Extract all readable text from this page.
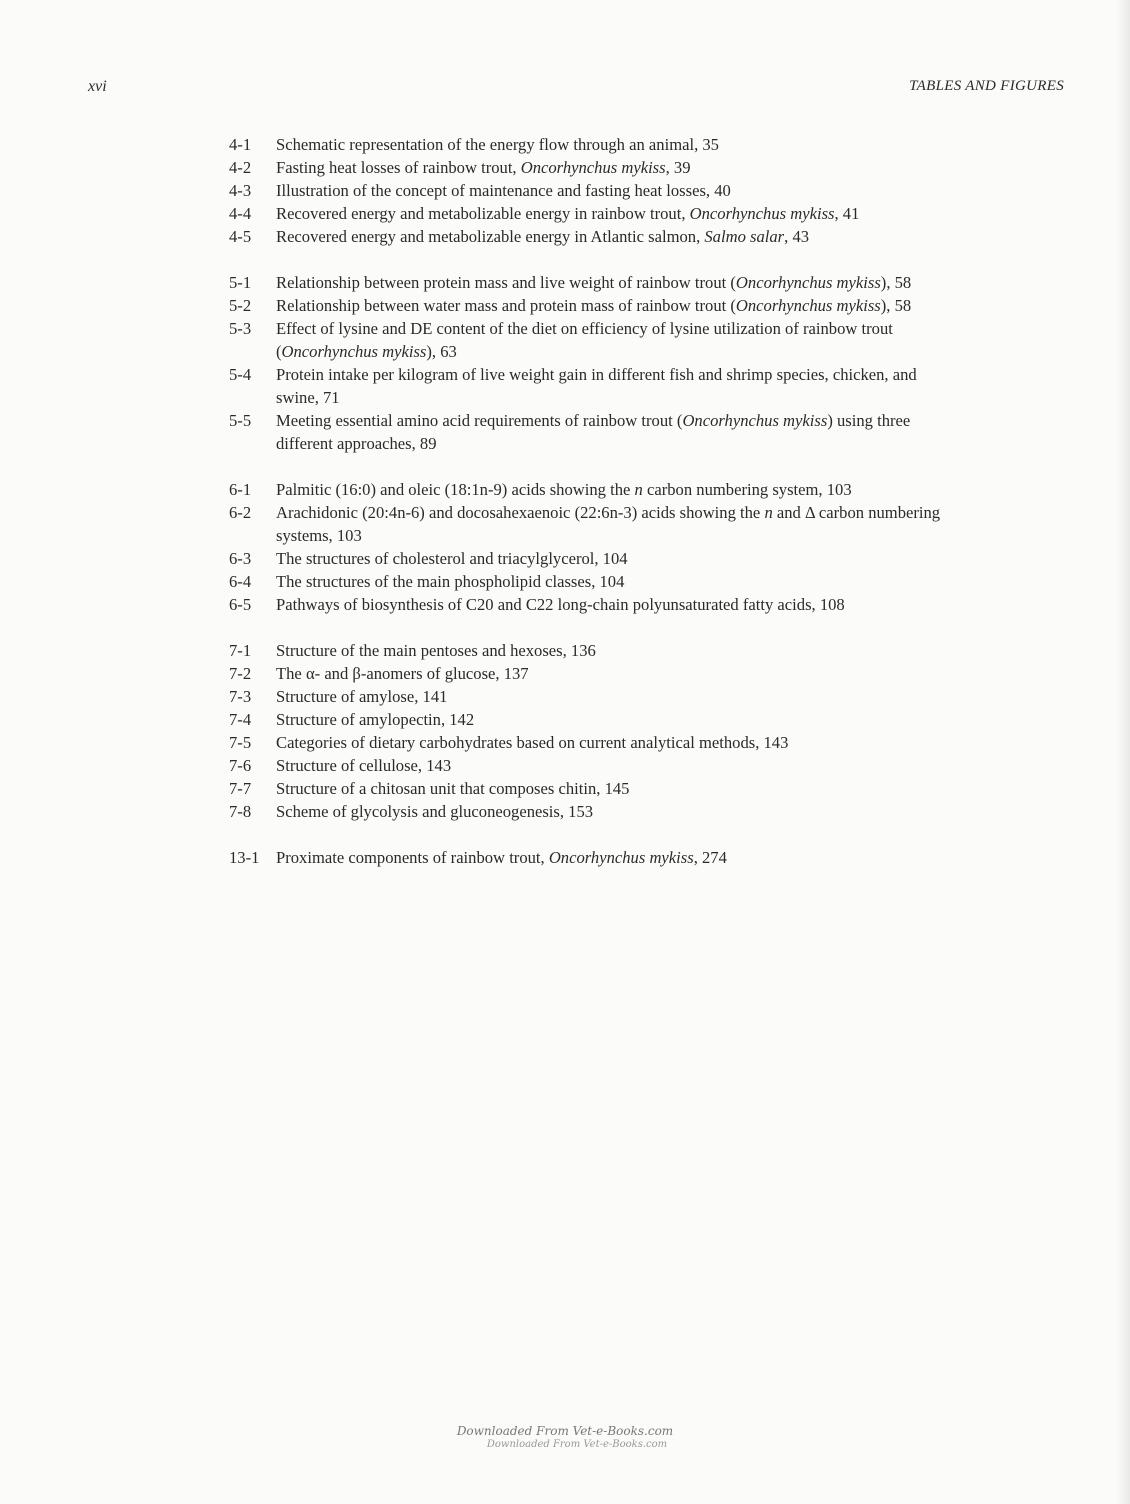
xvi	TABLES AND FIGURES

4-1	Schematic representation of the energy flow through an animal, 35
4-2	Fasting heat losses of rainbow trout, Oncorhynchus mykiss, 39
4-3	Illustration of the concept of maintenance and fasting heat losses, 40
4-4	Recovered energy and metabolizable energy in rainbow trout, Oncorhynchus mykiss, 41
4-5	Recovered energy and metabolizable energy in Atlantic salmon, Salmo salar, 43
5-1	Relationship between protein mass and live weight of rainbow trout (Oncorhynchus mykiss), 58
5-2	Relationship between water mass and protein mass of rainbow trout (Oncorhynchus mykiss), 58
5-3	Effect of lysine and DE content of the diet on efficiency of lysine utilization of rainbow trout (Oncorhynchus mykiss), 63
5-4	Protein intake per kilogram of live weight gain in different fish and shrimp species, chicken, and swine, 71
5-5	Meeting essential amino acid requirements of rainbow trout (Oncorhynchus mykiss) using three different approaches, 89
6-1	Palmitic (16:0) and oleic (18:1n-9) acids showing the n carbon numbering system, 103
6-2	Arachidonic (20:4n-6) and docosahexaenoic (22:6n-3) acids showing the n and Δ carbon numbering systems, 103
6-3	The structures of cholesterol and triacylglycerol, 104
6-4	The structures of the main phospholipid classes, 104
6-5	Pathways of biosynthesis of C20 and C22 long-chain polyunsaturated fatty acids, 108
7-1	Structure of the main pentoses and hexoses, 136
7-2	The α- and β-anomers of glucose, 137
7-3	Structure of amylose, 141
7-4	Structure of amylopectin, 142
7-5	Categories of dietary carbohydrates based on current analytical methods, 143
7-6	Structure of cellulose, 143
7-7	Structure of a chitosan unit that composes chitin, 145
7-8	Scheme of glycolysis and gluconeogenesis, 153
13-1 Proximate components of rainbow trout, Oncorhynchus mykiss, 274
Downloaded From Vet-e-Books.com
Downloaded From Vet-e-Books.com
